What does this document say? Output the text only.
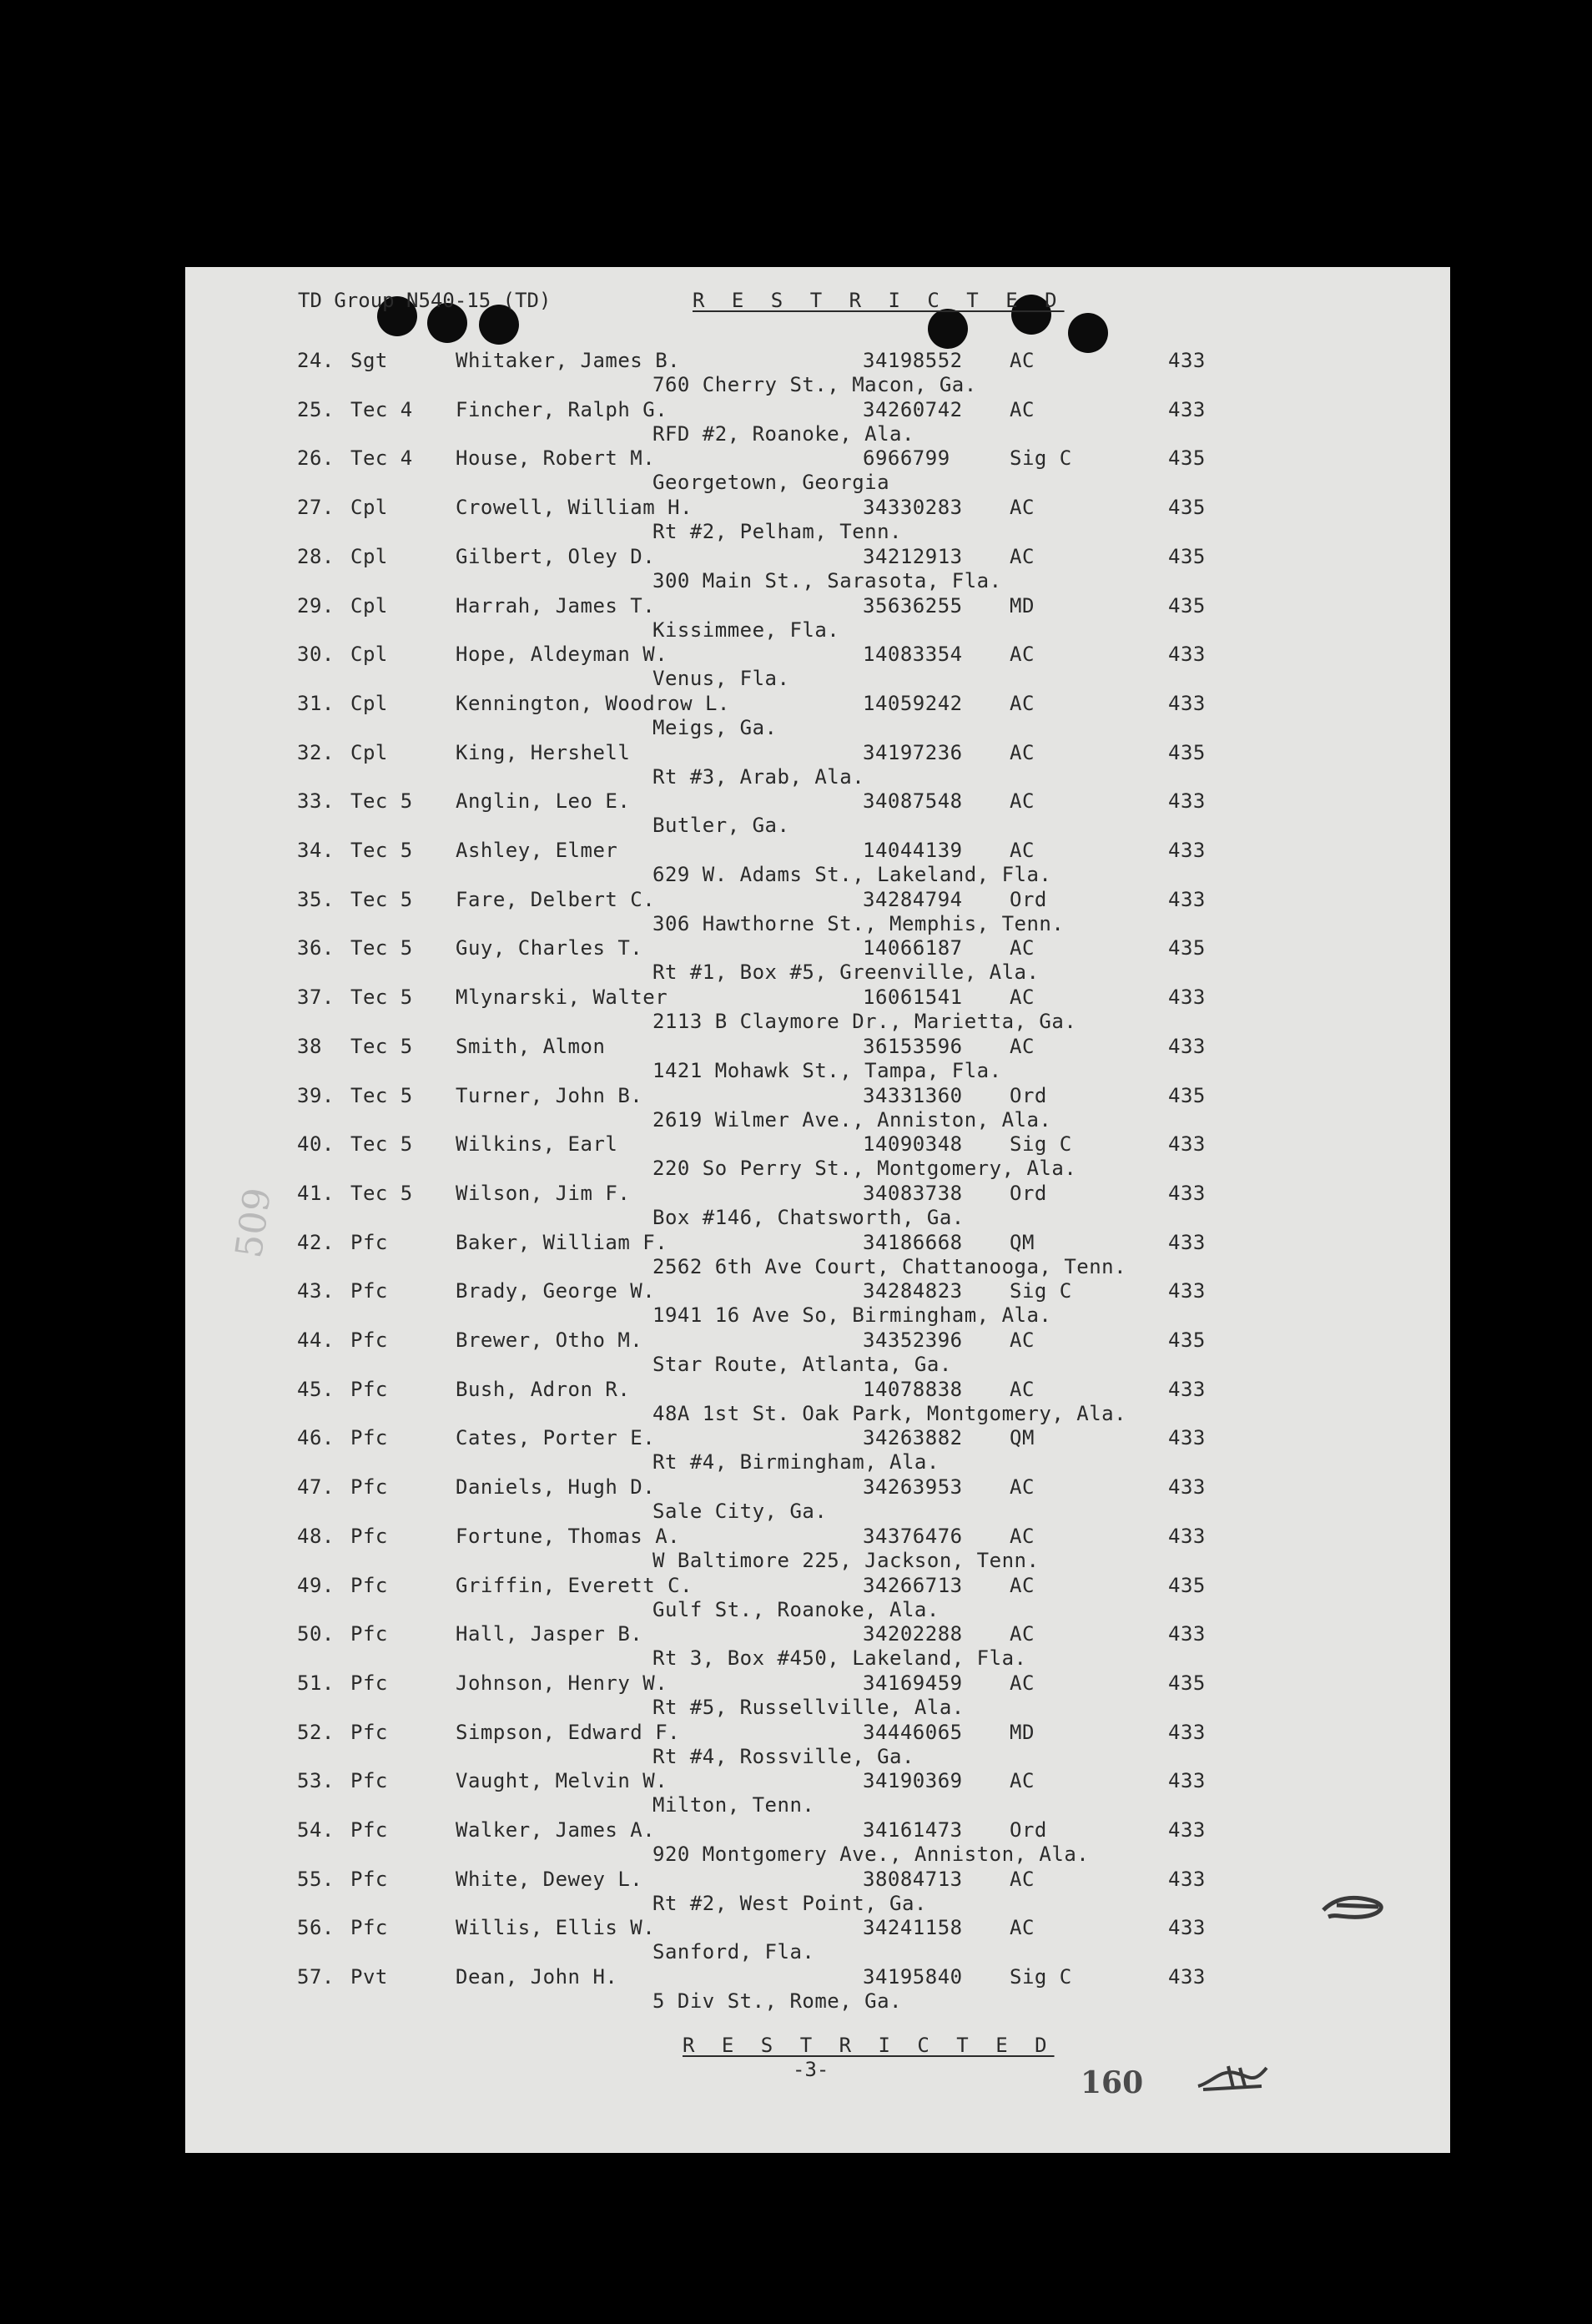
TD Group N540-15 (TD)	R E S T R I C T E D
24. Sgt	Whitaker, James B.	34198552 AC	433
760 Cherry St., Macon, Ga.
25. Tec 4 Fincher, Ralph G.	34260742 AC	433
RFD #2, Roanoke, Ala.
26. Tec 4 House, Robert M.	6966799	Sig C	435
Georgetown, Georgia
27. Cpl	Crowell, William H.	34330283 AC	435
Rt #2, Pelham, Tenn.
28. Cpl	Gilbert, Oley D.	34212913 AC	435
300 Main St., Sarasota, Fla.
29. Cpl	Harrah, James T.	35636255 MD	435
Kissimmee, Fla.
30. Cpl	Hope, Aldeyman W.	14083354 AC	433
Venus, Fla.
31. Cpl	Kennington, Woodrow L.	14059242 AC	433
Meigs, Ga.
32. Cpl	King, Hershell	34197236 AC	435
Rt #3, Arab, Ala.
33. Tec 5 Anglin, Leo E.	34087548 AC	433
Butler, Ga.
34. Tec 5 Ashley, Elmer	14044139 AC	433
629 W. Adams St., Lakeland, Fla.
35. Tec 5 Fare, Delbert C.	34284794 Ord	433
306 Hawthorne St., Memphis, Tenn.
36. Tec 5 Guy, Charles T.	14066187 AC	435
Rt #1, Box #5, Greenville, Ala.
37. Tec 5 Mlynarski, Walter	16061541 AC	433
2113 B Claymore Dr., Marietta, Ga.
38 Tec 5 Smith, Almon	36153596 AC	433
1421 Mohawk St., Tampa, Fla.
39. Tec 5 Turner, John B.	34331360 Ord	435
2619 Wilmer Ave., Anniston, Ala.
40. Tec 5 Wilkins, Earl	14090348 Sig C	433
220 So Perry St., Montgomery, Ala.
41. Tec 5 Wilson, Jim F.	34083738 Ord	433
Box #146, Chatsworth, Ga.
42. Pfc	Baker, William F.	34186668 QM	433
2562 6th Ave Court, Chattanooga, Tenn.
43. Pfc	Brady, George W.	34284823 Sig C	433
1941 16 Ave So, Birmingham, Ala.
44. Pfc	Brewer, Otho M.	34352396 AC	435
Star Route, Atlanta, Ga.
45. Pfc	Bush, Adron R.	14078838 AC	433
48A 1st St. Oak Park, Montgomery, Ala.
46. Pfc	Cates, Porter E.	34263882 QM	433
Rt #4, Birmingham, Ala.
47. Pfc	Daniels, Hugh D.	34263953 AC	433
Sale City, Ga.
48. Pfc	Fortune, Thomas A.	34376476 AC	433
W Baltimore 225, Jackson, Tenn.
49. Pfc	Griffin, Everett C.	34266713 AC	435
Gulf St., Roanoke, Ala.
50. Pfc	Hall, Jasper B.	34202288 AC	433
Rt 3, Box #450, Lakeland, Fla.
51. Pfc	Johnson, Henry W.	34169459 AC	435
Rt #5, Russellville, Ala.
52. Pfc	Simpson, Edward F.	34446065 MD	433
Rt #4, Rossville, Ga.
53. Pfc	Vaught, Melvin W.	34190369 AC	433
Milton, Tenn.
54. Pfc	Walker, James A.	34161473 Ord	433
920 Montgomery Ave., Anniston, Ala.
55. Pfc	White, Dewey L.	38084713 AC	433
Rt #2, West Point, Ga.
56. Pfc	Willis, Ellis W.	34241158 AC	433
Sanford, Fla.
57. Pvt	Dean, John H.	34195840 Sig C	433
5 Div St., Rome, Ga.
509
R E S T R I C T E D
-3-	160
